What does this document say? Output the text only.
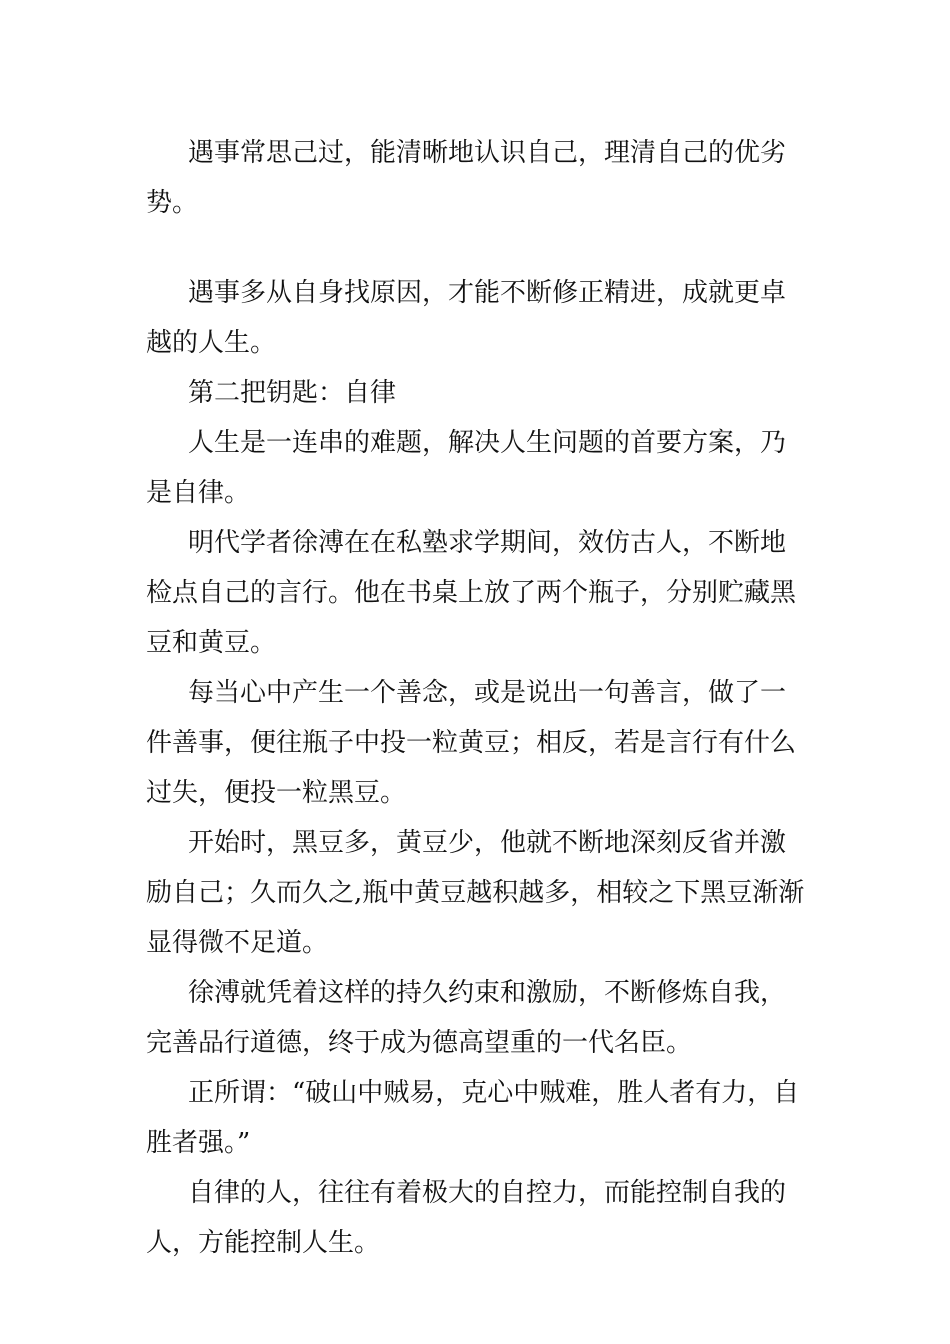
遇事常思己过，能清晰地认识自己，理清自己的优劣势。

遇事多从自身找原因，才能不断修正精进，成就更卓越的人生。

第二把钥匙：自律

人生是一连串的难题，解决人生问题的首要方案，乃是自律。

明代学者徐溥在在私塾求学期间，效仿古人，不断地检点自己的言行。他在书桌上放了两个瓶子，分别贮藏黑豆和黄豆。

每当心中产生一个善念，或是说出一句善言，做了一件善事，便往瓶子中投一粒黄豆；相反，若是言行有什么过失，便投一粒黑豆。

开始时，黑豆多，黄豆少，他就不断地深刻反省并激励自己；久而久之,瓶中黄豆越积越多，相较之下黑豆渐渐显得微不足道。

徐溥就凭着这样的持久约束和激励，不断修炼自我，完善品行道德，终于成为德高望重的一代名臣。

正所谓：“破山中贼易，克心中贼难，胜人者有力，自胜者强。”

自律的人，往往有着极大的自控力，而能控制自我的人，方能控制人生。
